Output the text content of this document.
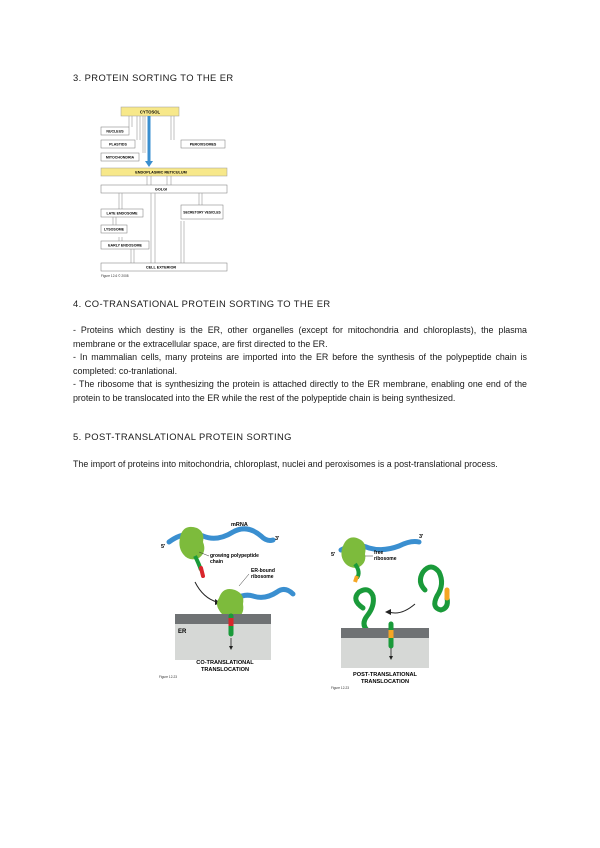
3. PROTEIN SORTING TO THE ER
CYTOSOL
NUCLEUS
PLASTIDS	PEROXISOMES
MITOCHONDRIA
ENDOPLASMIC RETICULUM
GOLGI
LATE ENDOSOME	SECRETORY VESICLES
LYSOSOME
EARLY ENDOSOME
CELL EXTERIOR
Figure 12-6 © 2008
4. CO-TRANSATIONAL PROTEIN SORTING TO THE ER

- Proteins which destiny is the ER, other organelles (except for mitochondria and chloroplasts), the plasma membrane or the extracellular space, are first directed to the ER.

- In mammalian cells, many proteins are imported into the ER before the synthesis of the polypeptide chain is completed: co-tranlational.

- The ribosome that is synthesizing the protein is attached directly to the ER membrane, enabling one end of the protein to be translocated into the ER while the rest of the polypeptide chain is being synthesized.

5. POST-TRANSLATIONAL PROTEIN SORTING
The import of proteins into mitochondria, chloroplast, nuclei and peroxisomes is a post-translational process.
5'
3'
mRNA
growing polypeptide
chain
ER-bound
ribosome
ER
CO-TRANSLATIONAL
TRANSLOCATION
Figure 12-23
5'
3'
free
ribosome
POST-TRANSLATIONAL
TRANSLOCATION
Figure 12-23
